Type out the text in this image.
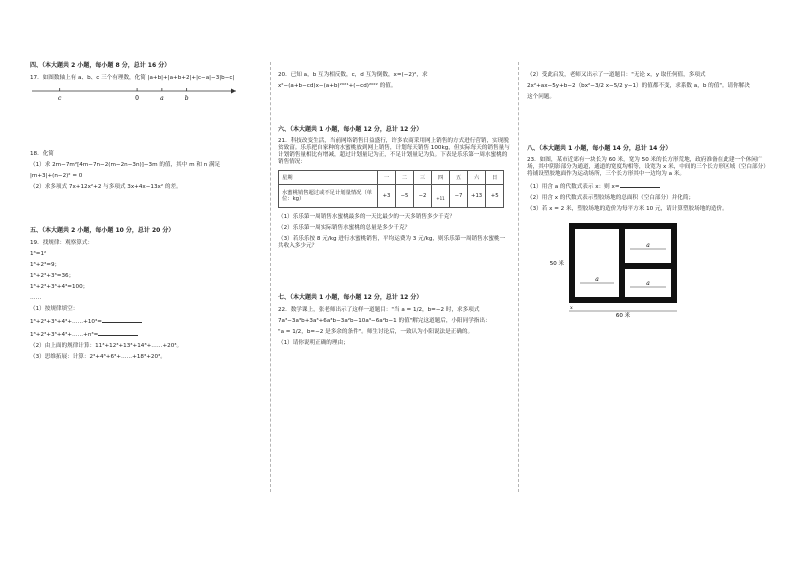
四、（本大题共 2 小题，每小题 8 分，总计 16 分）
17．如图数轴上有 a、b、c 三个有理数，化简 |a+b|+|a+b+2|+|c−a|−3|b−c|
c	0	a	b
18．化简
（1）求 2m−7m²[4m−7n−2(m−2n−3n)]−3m 的值，其中 m 和 n 满足
|m+3|+(n−2)² = 0
（2）求多项式 7x+12x²+2 与多项式 3x+4x−13x² 的差。
五、（本大题共 2 小题，每小题 10 分，总计 20 分）
19．找规律：观察算式：
1³=1²
1³+2³=9；
1³+2³+3³=36；
1³+2³+3³+4³=100；
……
（1）按规律填空：
1³+2³+3³+4³+……+10³=
1³+2³+3³+4³+……+n³=
（2）由上面的规律计算：11³+12³+13³+14³+……+20³。
（3）思维拓展：计算：2³+4³+6³+……+18³+20³。
20．已知 a，b 互为相反数，c，d 互为倒数，x=(−2)²，求
x²−(a+b−cd)x−(a+b)²⁰²¹+(−cd)²⁰²² 的值。
六、（本大题共 1 小题，每小题 12 分，总计 12 分）
21．科技改变生活，当前网络销售日益盛行，许多农商采用网上销售的方式进行营销，实现脱贫致富。乐乐把自家种的水蜜桃放到网上销售，计划每天销售 100kg，但实际每天的销售量与计划销售量相比有增减，超过计划量记为正，不足计划量记为负。下表是乐乐第一周水蜜桃的销售情况：
星期	一	二	三	四	五	六	日
水蜜桃销售超过或不足计划量情况（单位：kg）	+3	−5	−2	+11	−7	+13	+5
（1）乐乐第一周销售水蜜桃最多的一天比最少的一天多销售多少千克？
（2）乐乐第一周实际销售水蜜桃的总量是多少千克？
（3）若乐乐按 8 元/kg 进行水蜜桃销售，平均运费为 3 元/kg，则乐乐第一周销售水蜜桃一共收入多少元？
七、（本大题共 1 小题，每小题 12 分，总计 12 分）
22．数学课上，张老师出示了这样一道题目："当 a = 1/2，b=−2 时，求多项式
7a³−3a³b+3a³+6a³b−3a²b−10a³−6a²b−1 的值"解完这道题后，小阳同学指出：
"a = 1/2，b=−2 是多余的条件"。师生讨论后，一致认为小阳说法是正确的。
（1）请你说明正确的理由；
（2）受此启发，老师又出示了一道题目："无论 x，y 取任何值，多项式
2x²+ax−5y+b−2（bx²−3/2 x−5/2 y−1）的值都不变，求系数 a，b 的值"。请你解决
这个问题。
八、（本大题共 1 小题，每小题 14 分，总计 14 分）
23．如图，某市近郊有一块长为 60 米，宽为 50 米的长方形荒地，政府准备在此建一个休闲广场，其中阴影部分为通道，通道的宽度均相等，设宽为 x 米，中间的三个长方形区域（空白部分）将铺设塑胶地面作为运动场所，三个长方形其中一边均为 a 米。
（1）用含 a 的代数式表示 x：则 x=
（2）用含 x 的代数式表示塑胶场地的总面积（空白部分）并化简；
（3）若 x = 2 米，塑胶场地的造价为每平方米 10 元，请计算塑胶场地的造价。
a
a
a
x
50 米
60 米
